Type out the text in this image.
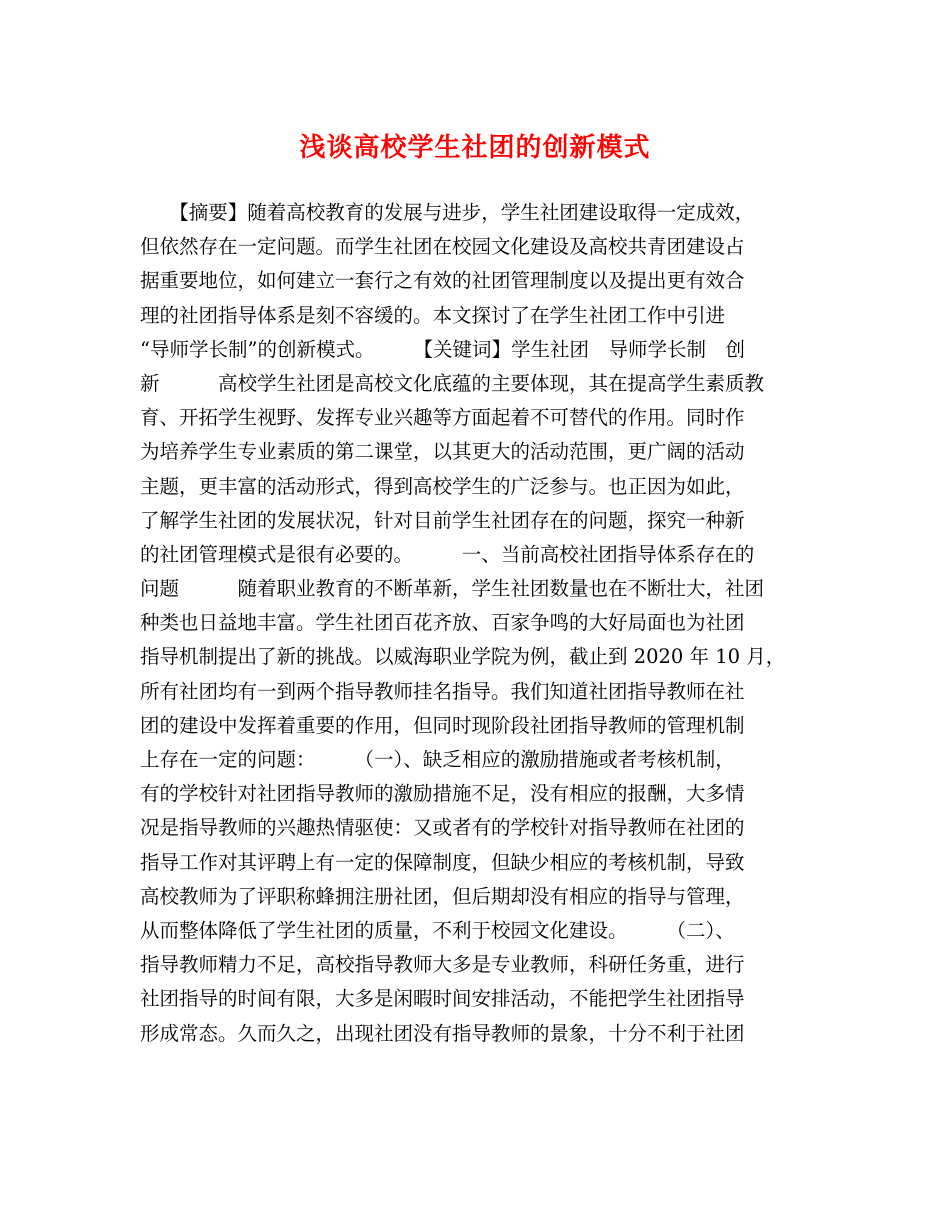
浅谈高校学生社团的创新模式
　　【摘要】随着高校教育的发展与进步，学生社团建设取得一定成效，
但依然存在一定问题。而学生社团在校园文化建设及高校共青团建设占
据重要地位，如何建立一套行之有效的社团管理制度以及提出更有效合
理的社团指导体系是刻不容缓的。本文探讨了在学生社团工作中引进
“导师学长制”的创新模式。　　　【关键词】学生社团　导师学长制　创
新　　　高校学生社团是高校文化底蕴的主要体现，其在提高学生素质教
育、开拓学生视野、发挥专业兴趣等方面起着不可替代的作用。同时作
为培养学生专业素质的第二课堂，以其更大的活动范围，更广阔的活动
主题，更丰富的活动形式，得到高校学生的广泛参与。也正因为如此，
了解学生社团的发展状况，针对目前学生社团存在的问题，探究一种新
的社团管理模式是很有必要的。　　　一、当前高校社团指导体系存在的
问题　　　随着职业教育的不断革新，学生社团数量也在不断壮大，社团
种类也日益地丰富。学生社团百花齐放、百家争鸣的大好局面也为社团
指导机制提出了新的挑战。以威海职业学院为例，截止到 2020 年 10 月，
所有社团均有一到两个指导教师挂名指导。我们知道社团指导教师在社
团的建设中发挥着重要的作用，但同时现阶段社团指导教师的管理机制
上存在一定的问题：　　　（一）、缺乏相应的激励措施或者考核机制，
有的学校针对社团指导教师的激励措施不足，没有相应的报酬，大多情
况是指导教师的兴趣热情驱使：又或者有的学校针对指导教师在社团的
指导工作对其评聘上有一定的保障制度，但缺少相应的考核机制，导致
高校教师为了评职称蜂拥注册社团，但后期却没有相应的指导与管理，
从而整体降低了学生社团的质量，不利于校园文化建设。　　　（二）、
指导教师精力不足，高校指导教师大多是专业教师，科研任务重，进行
社团指导的时间有限，大多是闲暇时间安排活动，不能把学生社团指导
形成常态。久而久之，出现社团没有指导教师的景象，十分不利于社团
